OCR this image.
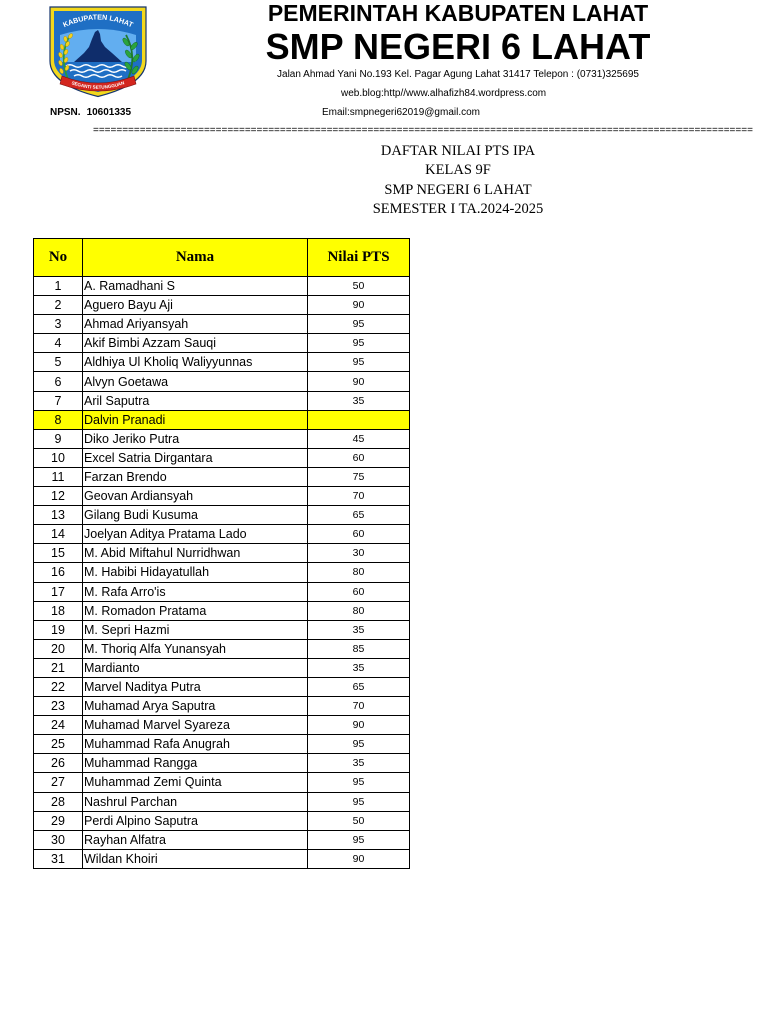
KABUPATEN LAHAT
SEGANTI SETUNGGUAN
PEMERINTAH KABUPATEN LAHAT
SMP NEGERI 6 LAHAT
Jalan Ahmad Yani No.193 Kel. Pagar Agung Lahat 31417 Telepon : (0731)325695
web.blog:http//www.alhafizh84.wordpress.com
NPSN. 10601335	Email:smpnegeri62019@gmail.com
=================================================================================================================
DAFTAR NILAI PTS IPA
KELAS 9F
SMP NEGERI 6 LAHAT
SEMESTER I TA.2024-2025
No	Nama	Nilai PTS
1	A. Ramadhani S	50
2	Aguero Bayu Aji	90
3	Ahmad Ariyansyah	95
4	Akif Bimbi Azzam Sauqi	95
5	Aldhiya Ul Kholiq Waliyyunnas	95
6	Alvyn Goetawa	90
7	Aril Saputra	35
8	Dalvin Pranadi
9	Diko Jeriko Putra	45
10	Excel Satria Dirgantara	60
11	Farzan Brendo	75
12	Geovan Ardiansyah	70
13	Gilang Budi Kusuma	65
14	Joelyan Aditya Pratama Lado	60
15	M. Abid Miftahul Nurridhwan	30
16	M. Habibi Hidayatullah	80
17	M. Rafa Arro'is	60
18	M. Romadon Pratama	80
19	M. Sepri Hazmi	35
20	M. Thoriq Alfa Yunansyah	85
21	Mardianto	35
22	Marvel Naditya Putra	65
23	Muhamad Arya Saputra	70
24	Muhamad Marvel Syareza	90
25	Muhammad Rafa Anugrah	95
26	Muhammad Rangga	35
27	Muhammad Zemi Quinta	95
28	Nashrul Parchan	95
29	Perdi Alpino Saputra	50
30	Rayhan Alfatra	95
31	Wildan Khoiri	90
